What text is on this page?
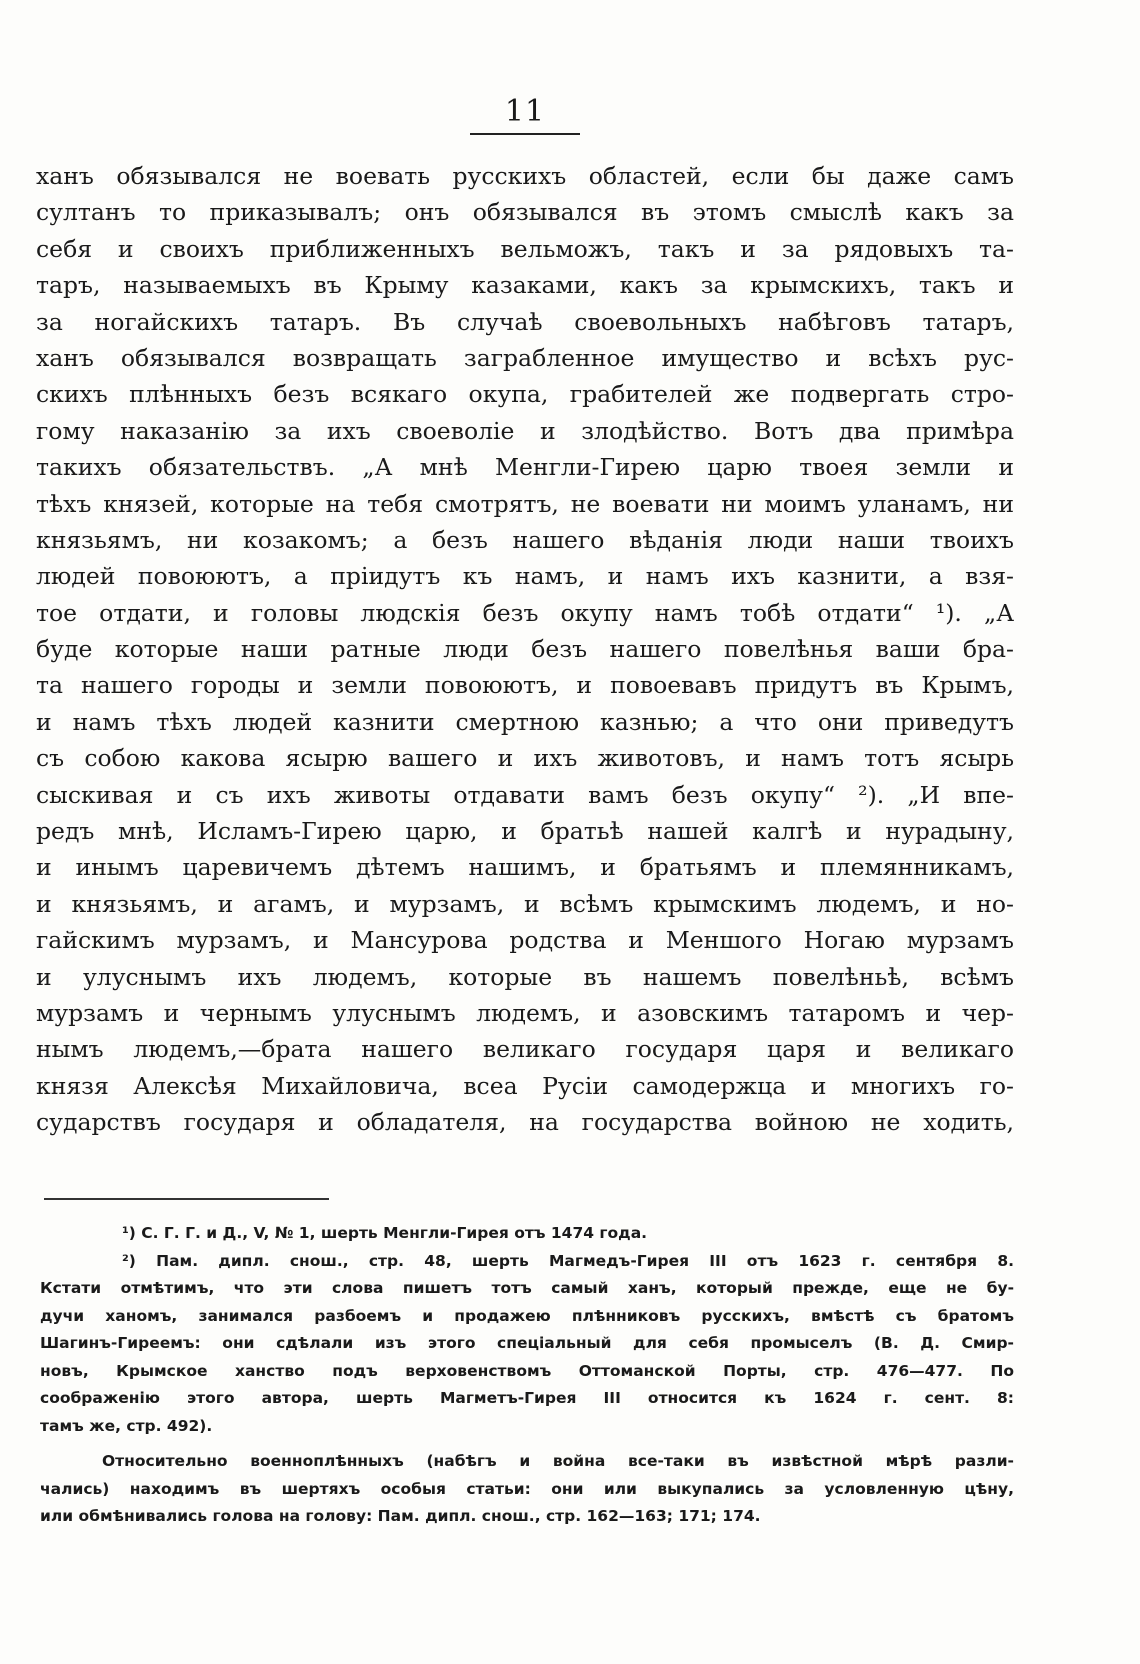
11
ханъ обязывался не воевать русскихъ областей, если бы даже самъ
султанъ то приказывалъ; онъ обязывался въ этомъ смыслѣ какъ за
себя и своихъ приближенныхъ вельможъ, такъ и за рядовыхъ та-
таръ, называемыхъ въ Крыму казаками, какъ за крымскихъ, такъ и
за ногайскихъ татаръ. Въ случаѣ своевольныхъ набѣговъ татаръ,
ханъ обязывался возвращать заграбленное имущество и всѣхъ рус-
скихъ плѣнныхъ безъ всякаго окупа, грабителей же подвергать стро-
гому наказанію за ихъ своеволіе и злодѣйство. Вотъ два примѣра
такихъ обязательствъ. „А мнѣ Менгли-Гирею царю твоея земли и
тѣхъ князей, которые на тебя смотрятъ, не воевати ни моимъ уланамъ, ни
князьямъ, ни козакомъ; а безъ нашего вѣданія люди наши твоихъ
людей повоюютъ, а пріидутъ къ намъ, и намъ ихъ казнити, а взя-
тое отдати, и головы людскія безъ окупу намъ тобѣ отдати“ ¹). „А
буде которые наши ратные люди безъ нашего повелѣнья ваши бра-
та нашего городы и земли повоюютъ, и повоевавъ придутъ въ Крымъ,
и намъ тѣхъ людей казнити смертною казнью; а что они приведутъ
съ собою какова ясырю вашего и ихъ животовъ, и намъ тотъ ясырь
сыскивая и съ ихъ животы отдавати вамъ безъ окупу“ ²). „И впе-
редъ мнѣ, Исламъ-Гирею царю, и братьѣ нашей калгѣ и нурадыну,
и инымъ царевичемъ дѣтемъ нашимъ, и братьямъ и племянникамъ,
и князьямъ, и агамъ, и мурзамъ, и всѣмъ крымскимъ людемъ, и но-
гайскимъ мурзамъ, и Мансурова родства и Меншого Ногаю мурзамъ
и улуснымъ ихъ людемъ, которые въ нашемъ повелѣньѣ, всѣмъ
мурзамъ и чернымъ улуснымъ людемъ, и азовскимъ татаромъ и чер-
нымъ людемъ,—брата нашего великаго государя царя и великаго
князя Алексѣя Михайловича, всеа Русіи самодержца и многихъ го-
сударствъ государя и обладателя, на государства войною не ходить,
¹) С. Г. Г. и Д., V, № 1, шерть Менгли-Гирея отъ 1474 года.
²) Пам. дипл. снош., стр. 48, шерть Магмедъ-Гирея III отъ 1623 г. сентября 8.
Кстати отмѣтимъ, что эти слова пишетъ тотъ самый ханъ, который прежде, еще не бу-
дучи ханомъ, занимался разбоемъ и продажею плѣнниковъ русскихъ, вмѣстѣ съ братомъ
Шагинъ-Гиреемъ: они сдѣлали изъ этого спеціальный для себя промыселъ (В. Д. Смир-
новъ, Крымское ханство подъ верховенствомъ Оттоманской Порты, стр. 476—477. По
соображенію этого автора, шерть Магметъ-Гирея III относится къ 1624 г. сент. 8:
тамъ же, стр. 492).
Относительно военноплѣнныхъ (набѣгъ и война все-таки въ извѣстной мѣрѣ разли-
чались) находимъ въ шертяхъ особыя статьи: они или выкупались за условленную цѣну,
или обмѣнивались голова на голову: Пам. дипл. снош., стр. 162—163; 171; 174.
